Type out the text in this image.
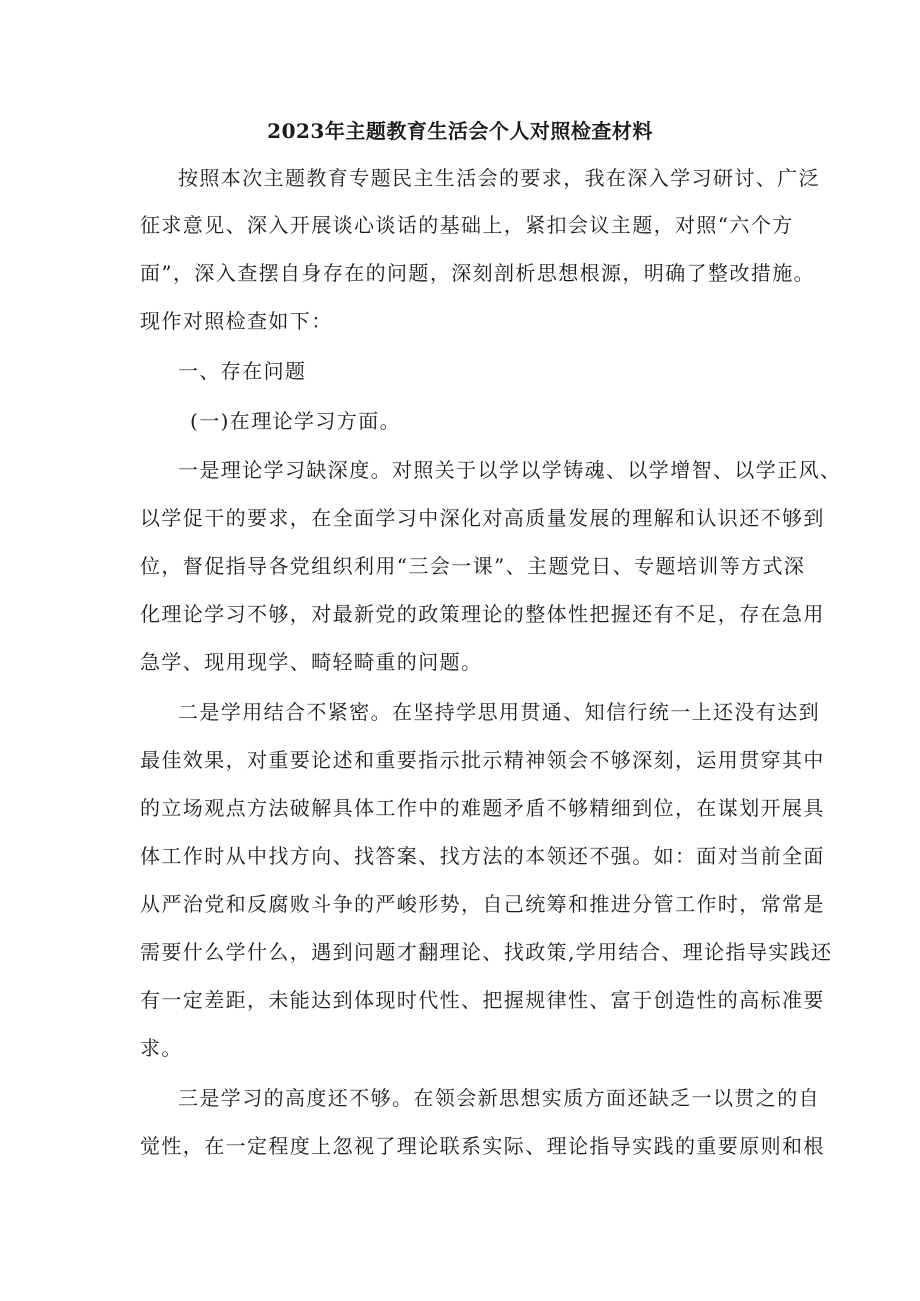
2023年主题教育生活会个人对照检查材料
按照本次主题教育专题民主生活会的要求，我在深入学习研讨、广泛
征求意见、深入开展谈心谈话的基础上，紧扣会议主题，对照“六个方
面”，深入查摆自身存在的问题，深刻剖析思想根源，明确了整改措施。
现作对照检查如下：
一、存在问题
(一)在理论学习方面。
一是理论学习缺深度。对照关于以学以学铸魂、以学增智、以学正风、
以学促干的要求，在全面学习中深化对高质量发展的理解和认识还不够到
位，督促指导各党组织利用“三会一课”、主题党日、专题培训等方式深
化理论学习不够，对最新党的政策理论的整体性把握还有不足，存在急用
急学、现用现学、畸轻畸重的问题。
二是学用结合不紧密。在坚持学思用贯通、知信行统一上还没有达到
最佳效果，对重要论述和重要指示批示精神领会不够深刻，运用贯穿其中
的立场观点方法破解具体工作中的难题矛盾不够精细到位，在谋划开展具
体工作时从中找方向、找答案、找方法的本领还不强。如：面对当前全面
从严治党和反腐败斗争的严峻形势，自己统筹和推进分管工作时，常常是
需要什么学什么，遇到问题才翻理论、找政策,学用结合、理论指导实践还
有一定差距，未能达到体现时代性、把握规律性、富于创造性的高标准要
求。
三是学习的高度还不够。在领会新思想实质方面还缺乏一以贯之的自
觉性，在一定程度上忽视了理论联系实际、理论指导实践的重要原则和根
